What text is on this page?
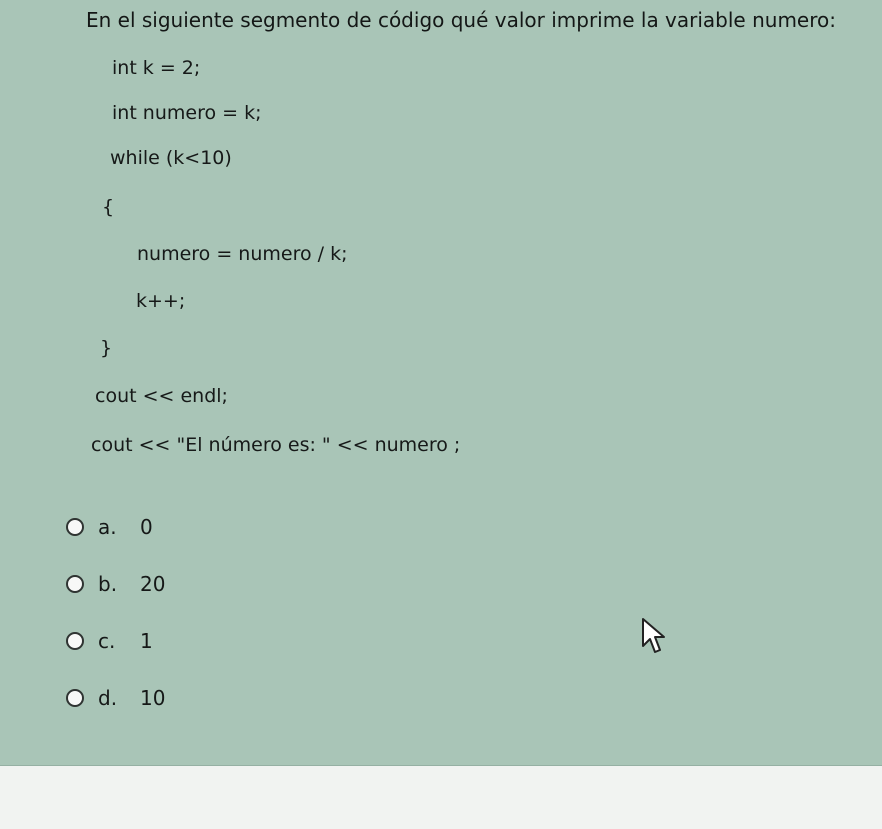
En el siguiente segmento de código qué valor imprime la variable numero:
int k = 2;
int numero = k;
while (k<10)
{
numero = numero / k;
k++;
}
cout << endl;
cout << "El número es: " << numero ;
a.	0
b.	20
c.	1
d.	10
